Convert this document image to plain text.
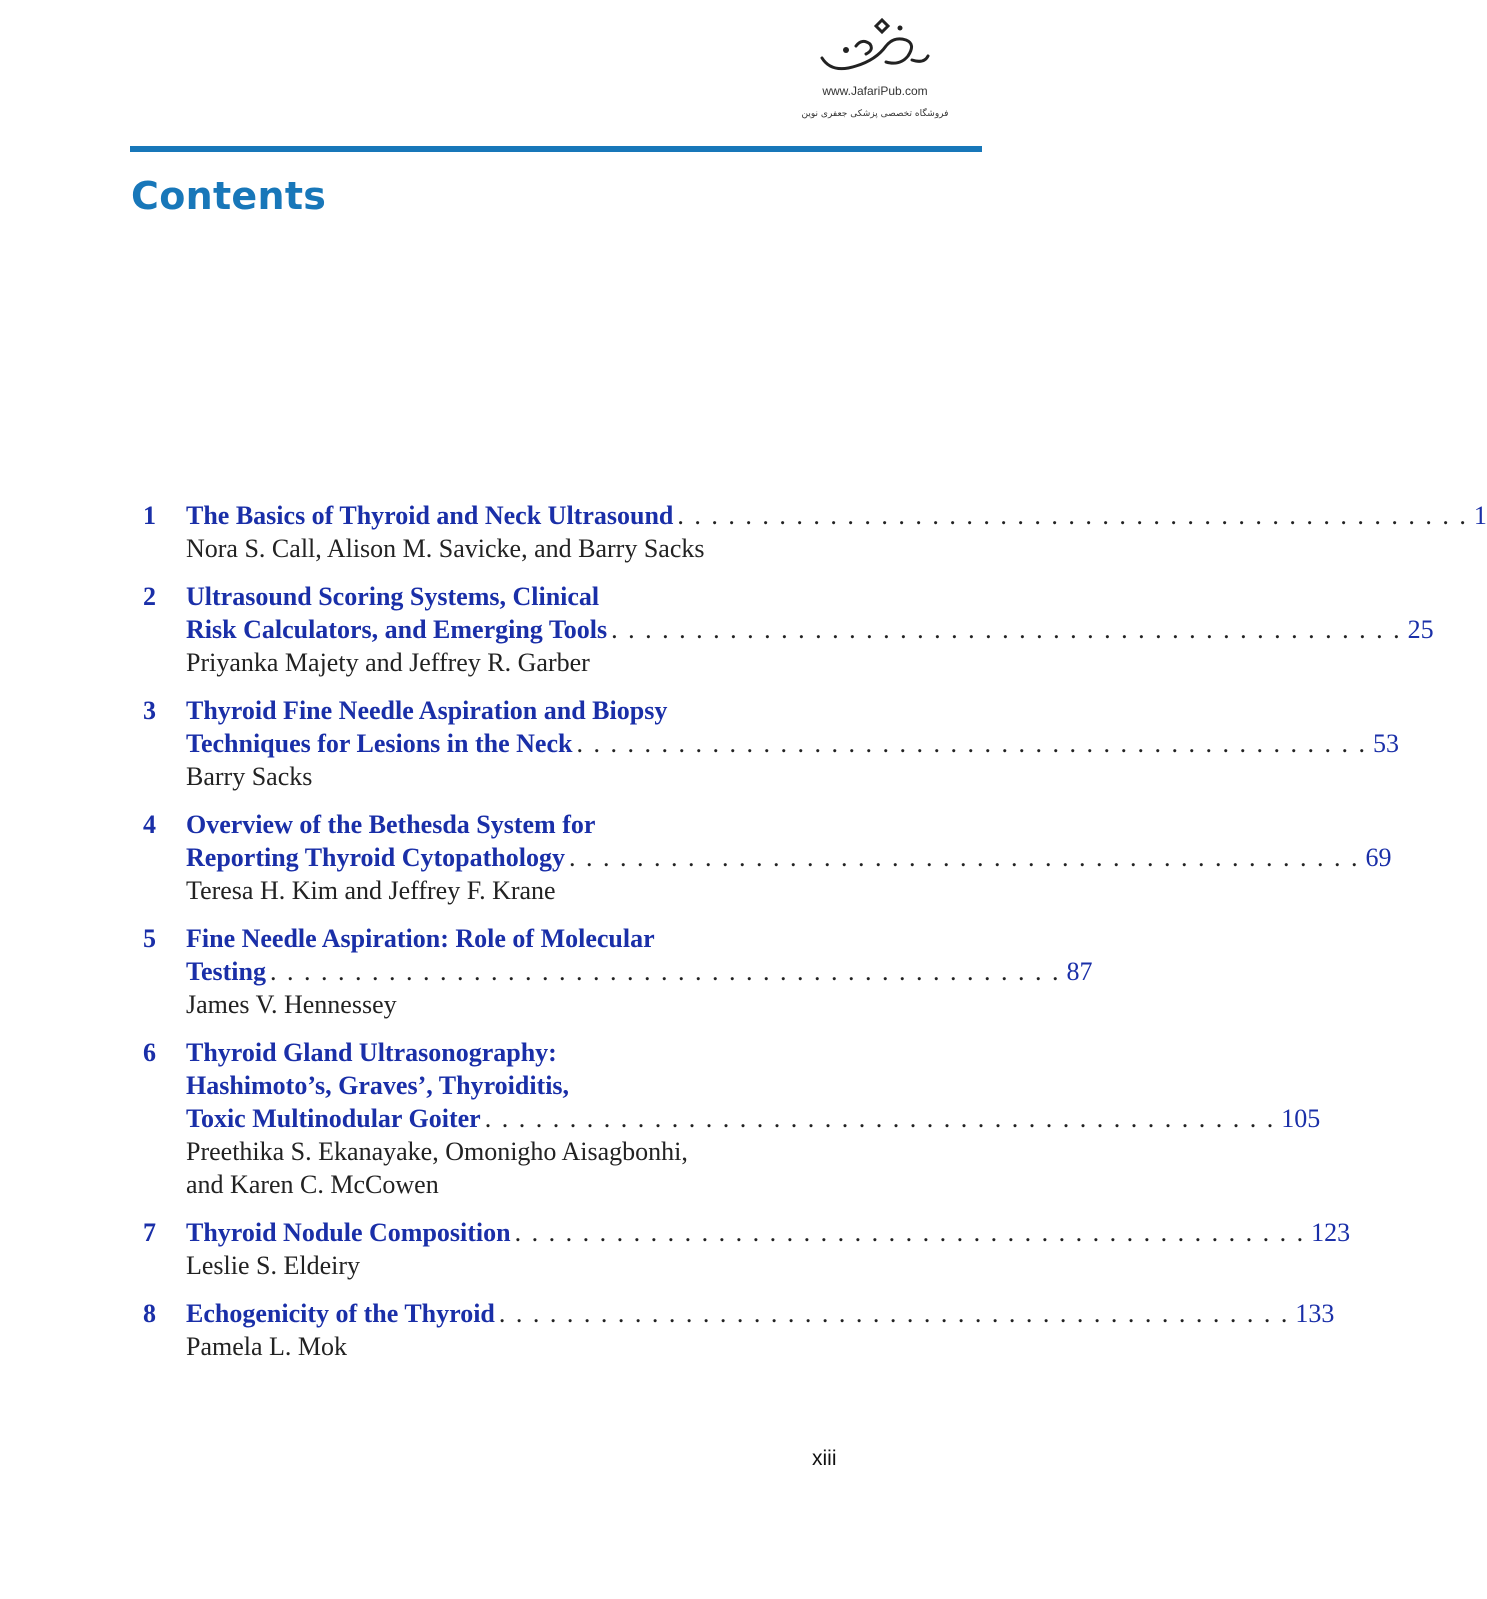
www.JafariPub.com
فروشگاه تخصصی پزشکی جعفری نوین
Contents
1 The Basics of Thyroid and Neck Ultrasound . . . . . . . . . . . . . . . . . . . . . . . . . . . . . . . . . . . . . . . . . . . . . . . 1
Nora S. Call, Alison M. Savicke, and Barry Sacks
2 Ultrasound Scoring Systems, Clinical
Risk Calculators, and Emerging Tools . . . . . . . . . . . . . . . . . . . . . . . . . . . . . . . . . . . . . . . . . . . . . . . 25
Priyanka Majety and Jeffrey R. Garber
3 Thyroid Fine Needle Aspiration and Biopsy
Techniques for Lesions in the Neck . . . . . . . . . . . . . . . . . . . . . . . . . . . . . . . . . . . . . . . . . . . . . . . 53
Barry Sacks
4 Overview of the Bethesda System for
Reporting Thyroid Cytopathology . . . . . . . . . . . . . . . . . . . . . . . . . . . . . . . . . . . . . . . . . . . . . . . 69
Teresa H. Kim and Jeffrey F. Krane
5 Fine Needle Aspiration: Role of Molecular
Testing . . . . . . . . . . . . . . . . . . . . . . . . . . . . . . . . . . . . . . . . . . . . . . . 87
James V. Hennessey
6 Thyroid Gland Ultrasonography:
Hashimoto’s, Graves’, Thyroiditis,
Toxic Multinodular Goiter . . . . . . . . . . . . . . . . . . . . . . . . . . . . . . . . . . . . . . . . . . . . . . . 105
Preethika S. Ekanayake, Omonigho Aisagbonhi,
and Karen C. McCowen
7 Thyroid Nodule Composition . . . . . . . . . . . . . . . . . . . . . . . . . . . . . . . . . . . . . . . . . . . . . . . 123
Leslie S. Eldeiry
8 Echogenicity of the Thyroid . . . . . . . . . . . . . . . . . . . . . . . . . . . . . . . . . . . . . . . . . . . . . . . 133
Pamela L. Mok
xiii
